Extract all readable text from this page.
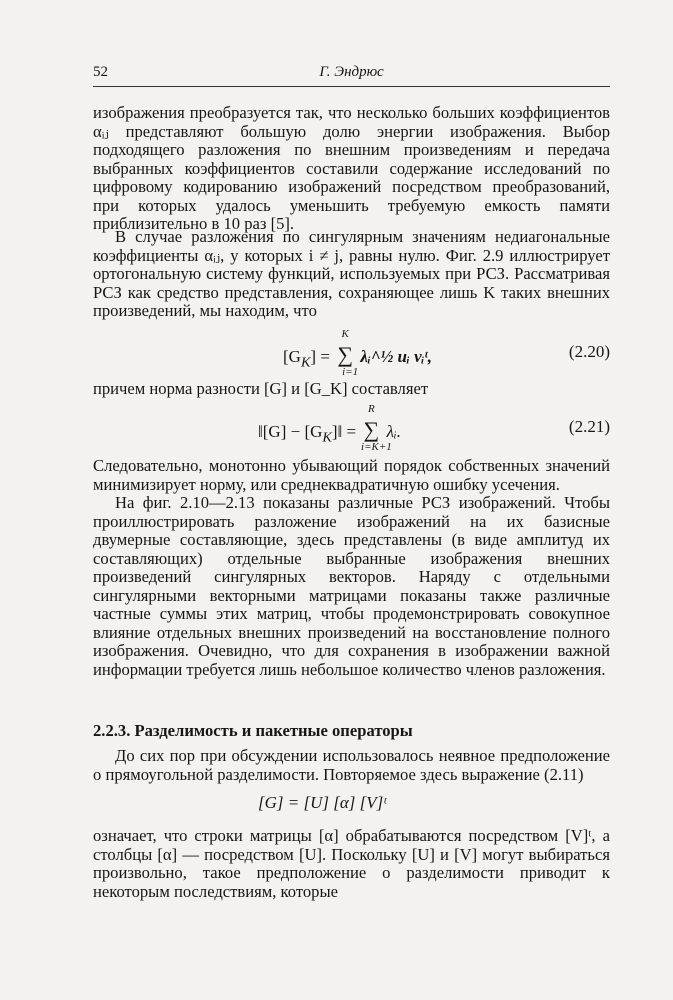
52	Г. Эндрюс

изображения преобразуется так, что несколько больших коэффициентов αᵢⱼ представляют большую долю энергии изображения. Выбор подходящего разложения по внешним произведениям и передача выбранных коэффициентов составили содержание исследований по цифровому кодированию изображений посредством преобразований, при которых удалось уменьшить требуемую емкость памяти приблизительно в 10 раз [5].

В случае разложения по сингулярным значениям недиагональные коэффициенты αᵢⱼ, у которых i ≠ j, равны нулю. Фиг. 2.9 иллюстрирует ортогональную систему функций, используемых при РСЗ. Рассматривая РСЗ как средство представления, сохраняющее лишь K таких внешних произведений, мы находим, что

$[G_K]$ =
K
∑
i=1
λᵢ^½ uᵢ vᵢᵗ,	(2.20)

причем норма разности [G] и [G_K] составляет

‖[G] − $[G_K]‖$ =
R
∑
i=K+1
λᵢ.	(2.21)

Следовательно, монотонно убывающий порядок собственных значений минимизирует норму, или среднеквадратичную ошибку усечения.

На фиг. 2.10—2.13 показаны различные РСЗ изображений. Чтобы проиллюстрировать разложение изображений на их базисные двумерные составляющие, здесь представлены (в виде амплитуд их составляющих) отдельные выбранные изображения внешних произведений сингулярных векторов. Наряду с отдельными сингулярными векторными матрицами показаны также различные частные суммы этих матриц, чтобы продемонстрировать совокупное влияние отдельных внешних произведений на восстановление полного изображения. Очевидно, что для сохранения в изображении важной информации требуется лишь небольшое количество членов разложения.

2.2.3. Разделимость и пакетные операторы

До сих пор при обсуждении использовалось неявное предположение о прямоугольной разделимости. Повторяемое здесь выражение (2.11)

[G] = [U] [α] [V]ᵗ

означает, что строки матрицы [α] обрабатываются посредством [V]ᵗ, а столбцы [α] — посредством [U]. Поскольку [U] и [V] могут выбираться произвольно, такое предположение о разделимости приводит к некоторым последствиям, которые
